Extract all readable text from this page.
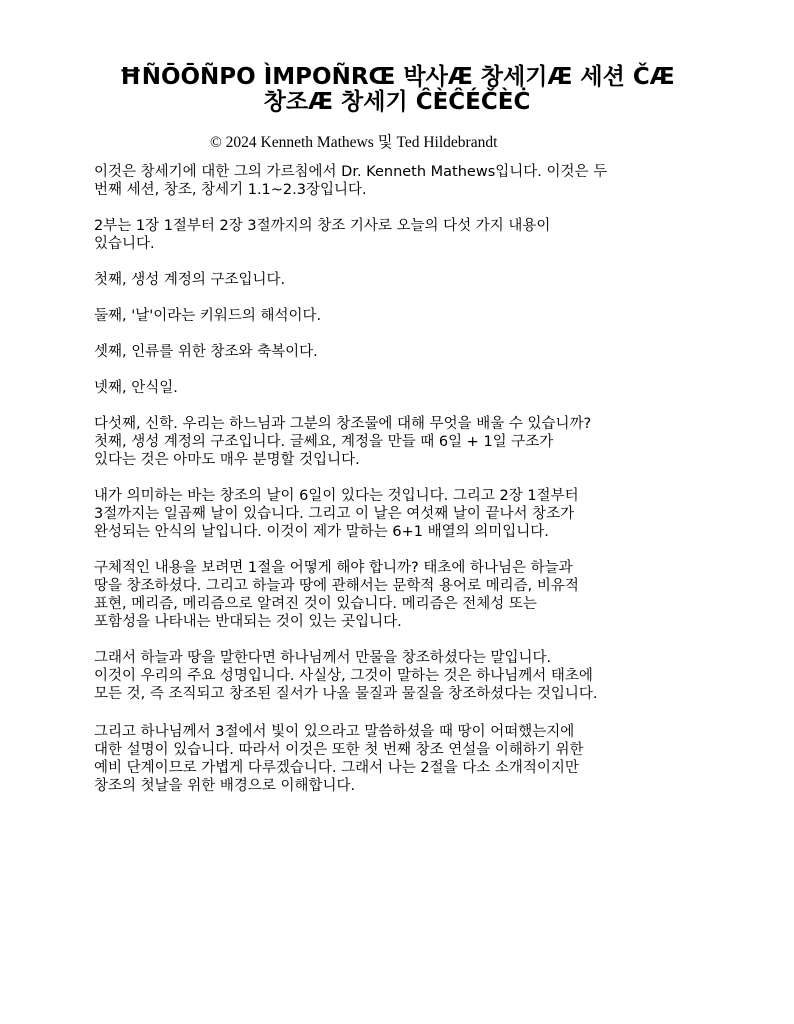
ĦÑŌŌÑPO ÌMPOÑRŒ 박사Æ 창세기Æ 세션 ČÆ
창조Æ 창세기 ĈÈĈÉČÈĊ
© 2024 Kenneth Mathews 및 Ted Hildebrandt
이것은 창세기에 대한 그의 가르침에서 Dr. Kenneth Mathews입니다. 이것은 두
번째 세션, 창조, 창세기 1.1~2.3장입니다.
2부는 1장 1절부터 2장 3절까지의 창조 기사로 오늘의 다섯 가지 내용이
있습니다.
첫째, 생성 계정의 구조입니다.
둘째, '날'이라는 키워드의 해석이다.
셋째, 인류를 위한 창조와 축복이다.
넷째, 안식일.
다섯째, 신학. 우리는 하느님과 그분의 창조물에 대해 무엇을 배울 수 있습니까?
첫째, 생성 계정의 구조입니다. 글쎄요, 계정을 만들 때 6일 + 1일 구조가
있다는 것은 아마도 매우 분명할 것입니다.
내가 의미하는 바는 창조의 날이 6일이 있다는 것입니다. 그리고 2장 1절부터
3절까지는 일곱째 날이 있습니다. 그리고 이 날은 여섯째 날이 끝나서 창조가
완성되는 안식의 날입니다. 이것이 제가 말하는 6+1 배열의 의미입니다.
구체적인 내용을 보려면 1절을 어떻게 해야 합니까? 태초에 하나님은 하늘과
땅을 창조하셨다. 그리고 하늘과 땅에 관해서는 문학적 용어로 메리즘, 비유적
표현, 메리즘, 메리즘으로 알려진 것이 있습니다. 메리즘은 전체성 또는
포함성을 나타내는 반대되는 것이 있는 곳입니다.
그래서 하늘과 땅을 말한다면 하나님께서 만물을 창조하셨다는 말입니다.
이것이 우리의 주요 성명입니다. 사실상, 그것이 말하는 것은 하나님께서 태초에
모든 것, 즉 조직되고 창조된 질서가 나올 물질과 물질을 창조하셨다는 것입니다.
그리고 하나님께서 3절에서 빛이 있으라고 말씀하셨을 때 땅이 어떠했는지에
대한 설명이 있습니다. 따라서 이것은 또한 첫 번째 창조 연설을 이해하기 위한
예비 단계이므로 가볍게 다루겠습니다. 그래서 나는 2절을 다소 소개적이지만
창조의 첫날을 위한 배경으로 이해합니다.
